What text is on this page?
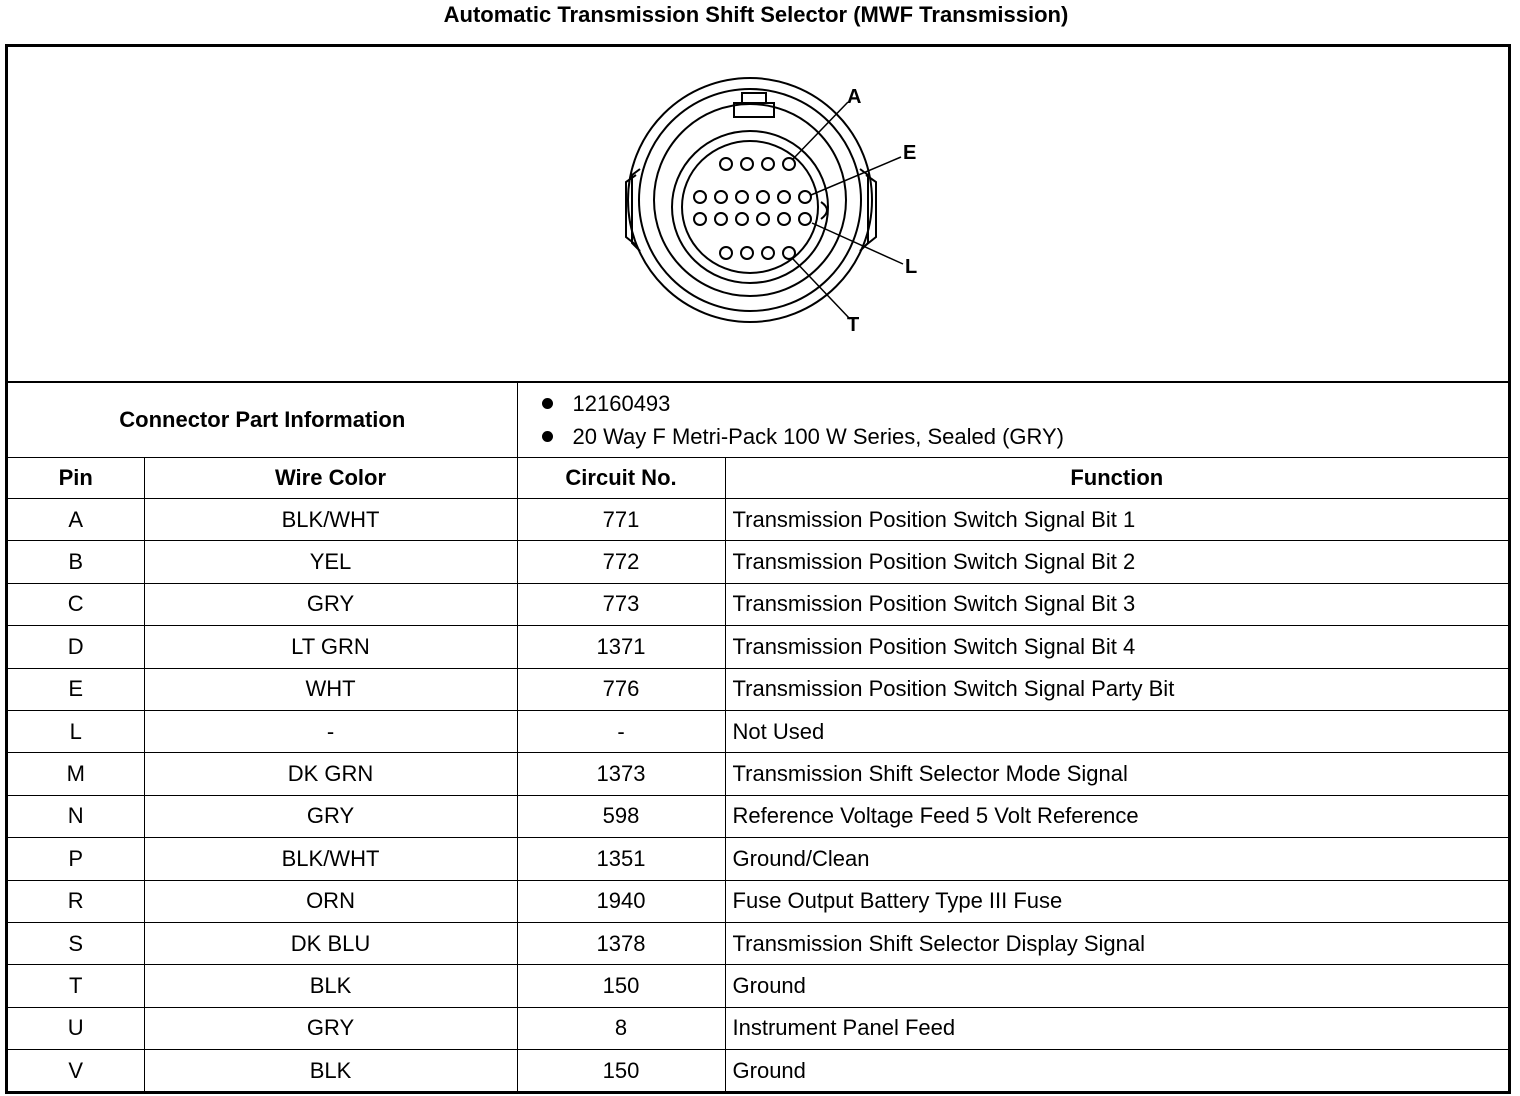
Automatic Transmission Shift Selector (MWF Transmission)
A
E
L
T
Connector Part Information		12160493
20 Way F Metri-Pack 100 W Series, Sealed (GRY)	

Pin	Wire Color	Circuit No.	Function
A	BLK/WHT	771	Transmission Position Switch Signal Bit 1
B	YEL	772	Transmission Position Switch Signal Bit 2
C	GRY	773	Transmission Position Switch Signal Bit 3
D	LT GRN	1371	Transmission Position Switch Signal Bit 4
E	WHT	776	Transmission Position Switch Signal Party Bit
L	-	-	Not Used
M	DK GRN	1373	Transmission Shift Selector Mode Signal
N	GRY	598	Reference Voltage Feed 5 Volt Reference
P	BLK/WHT	1351	Ground/Clean
R	ORN	1940	Fuse Output Battery Type III Fuse
S	DK BLU	1378	Transmission Shift Selector Display Signal
T	BLK	150	Ground
U	GRY	8	Instrument Panel Feed
V	BLK	150	Ground
